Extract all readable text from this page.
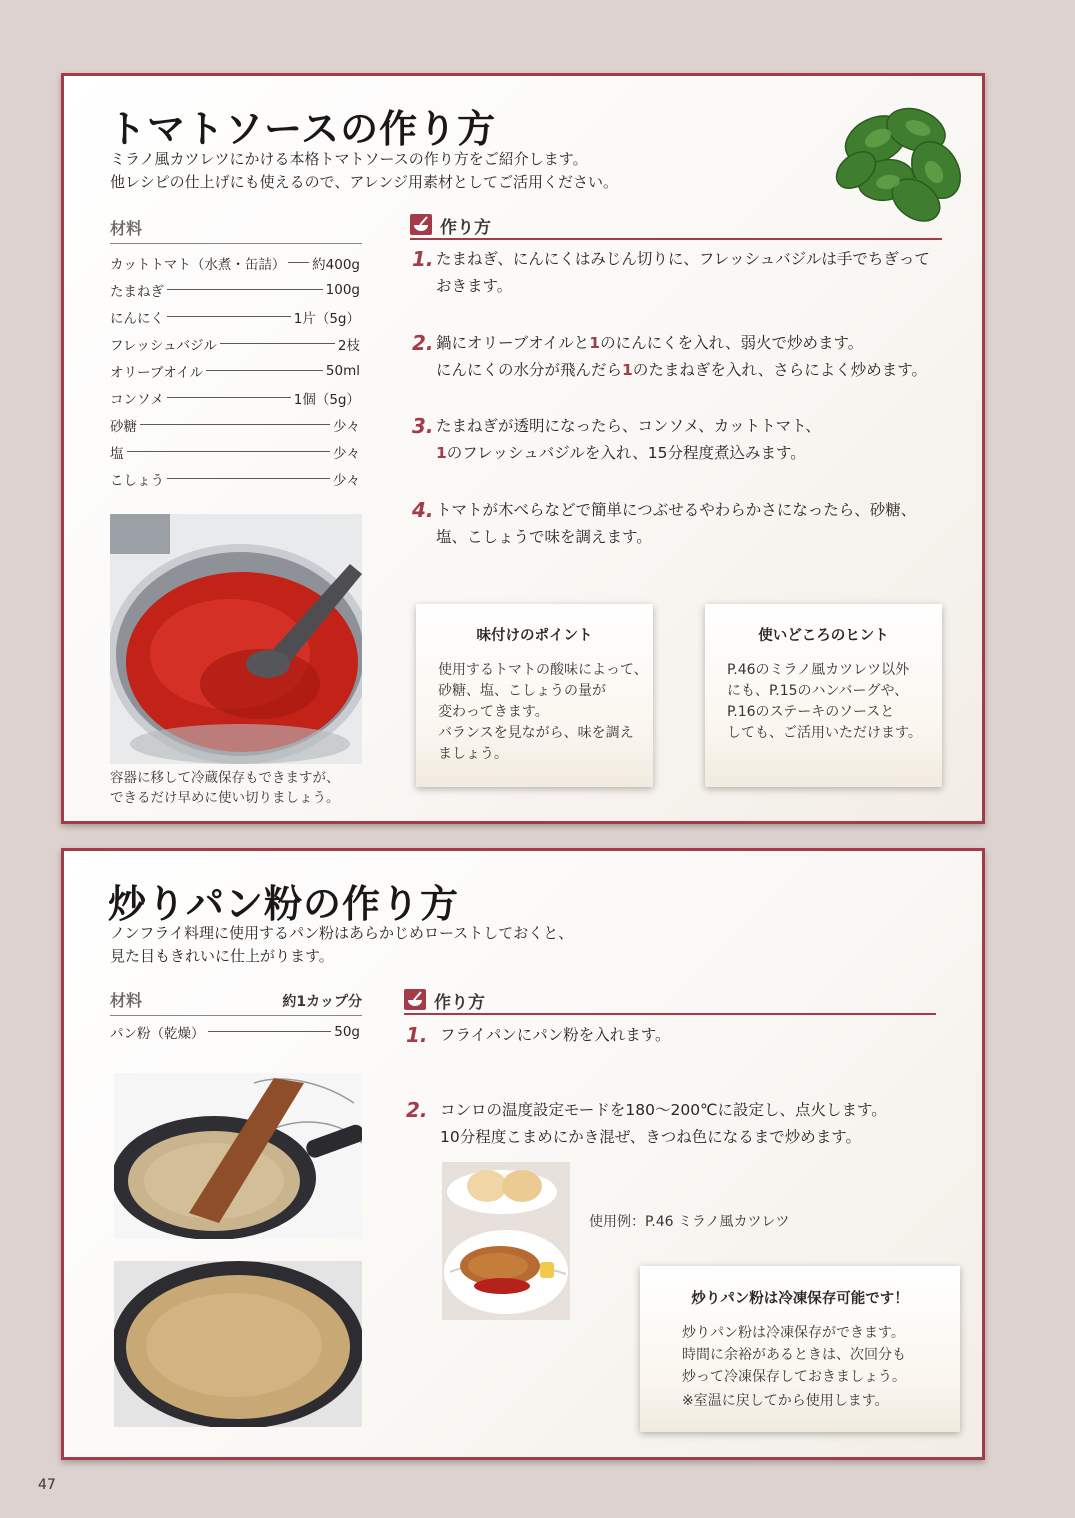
トマトソースの作り方
ミラノ風カツレツにかける本格トマトソースの作り方をご紹介します。
他レシピの仕上げにも使えるので、アレンジ用素材としてご活用ください。
材料
カットトマト（水煮・缶詰） 約400g
たまねぎ	100g
にんにく	1片（5g）
フレッシュバジル	2枝
オリーブオイル	50ml
コンソメ	1個（5g）
砂糖	少々
塩	少々
こしょう	少々
容器に移して冷蔵保存もできますが、
できるだけ早めに使い切りましょう。
作り方
1. たまねぎ、にんにくはみじん切りに、フレッシュバジルは手でちぎって
おきます。
2. 鍋にオリーブオイルと1のにんにくを入れ、弱火で炒めます。
にんにくの水分が飛んだら1のたまねぎを入れ、さらによく炒めます。
3. たまねぎが透明になったら、コンソメ、カットトマト、
1のフレッシュバジルを入れ、15分程度煮込みます。
4. トマトが木べらなどで簡単につぶせるやわらかさになったら、砂糖、
塩、こしょうで味を調えます。
味付けのポイント
使用するトマトの酸味によって、
砂糖、塩、こしょうの量が
変わってきます。
バランスを見ながら、味を調え
ましょう。
使いどころのヒント
P.46のミラノ風カツレツ以外
にも、P.15のハンバーグや、
P.16のステーキのソースと
しても、ご活用いただけます。
炒りパン粉の作り方
ノンフライ料理に使用するパン粉はあらかじめローストしておくと、
見た目もきれいに仕上がります。
材料	約1カップ分
パン粉（乾燥）	50g
作り方
1. フライパンにパン粉を入れます。
2. コンロの温度設定モードを180～200℃に設定し、点火します。
10分程度こまめにかき混ぜ、きつね色になるまで炒めます。
使用例：P.46 ミラノ風カツレツ
炒りパン粉は冷凍保存可能です！
炒りパン粉は冷凍保存ができます。
時間に余裕があるときは、次回分も
炒って冷凍保存しておきましょう。
※室温に戻してから使用します。
47
